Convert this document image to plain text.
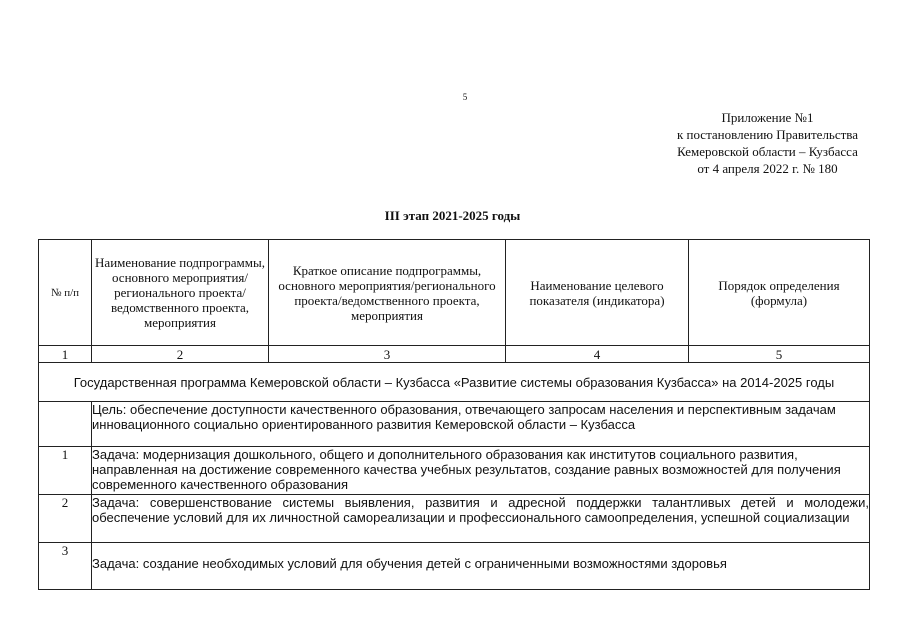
5
Приложение №1
к постановлению Правительства
Кемеровской области – Кузбасса
от 4 апреля 2022 г. № 180
III этап 2021-2025 годы
№ п/п	Наименование подпрограммы, основного мероприятия/ регионального проекта/ведомственного проекта, мероприятия	Краткое описание подпрограммы, основного мероприятия/регионального проекта/ведомственного проекта, мероприятия	Наименование целевого показателя (индикатора)	Порядок определения (формула)
1	2	3	4	5
Государственная программа Кемеровской области – Кузбасса «Развитие системы образования Кузбасса» на 2014-2025 годы				
	Цель: обеспечение доступности качественного образования, отвечающего запросам населения и перспективным задачам инновационного социально ориентированного развития Кемеровской области – Кузбасса			
1	Задача: модернизация дошкольного, общего и дополнительного образования как институтов социального развития, направленная на достижение современного качества учебных результатов, создание равных возможностей для получения современного качественного образования			
2	Задача: совершенствование системы выявления, развития и адресной поддержки талантливых детей и молодежи, обеспечение условий для их личностной самореализации и профессионального самоопределения, успешной социализации			
3	Задача: создание необходимых условий для обучения детей с ограниченными возможностями здоровья			
